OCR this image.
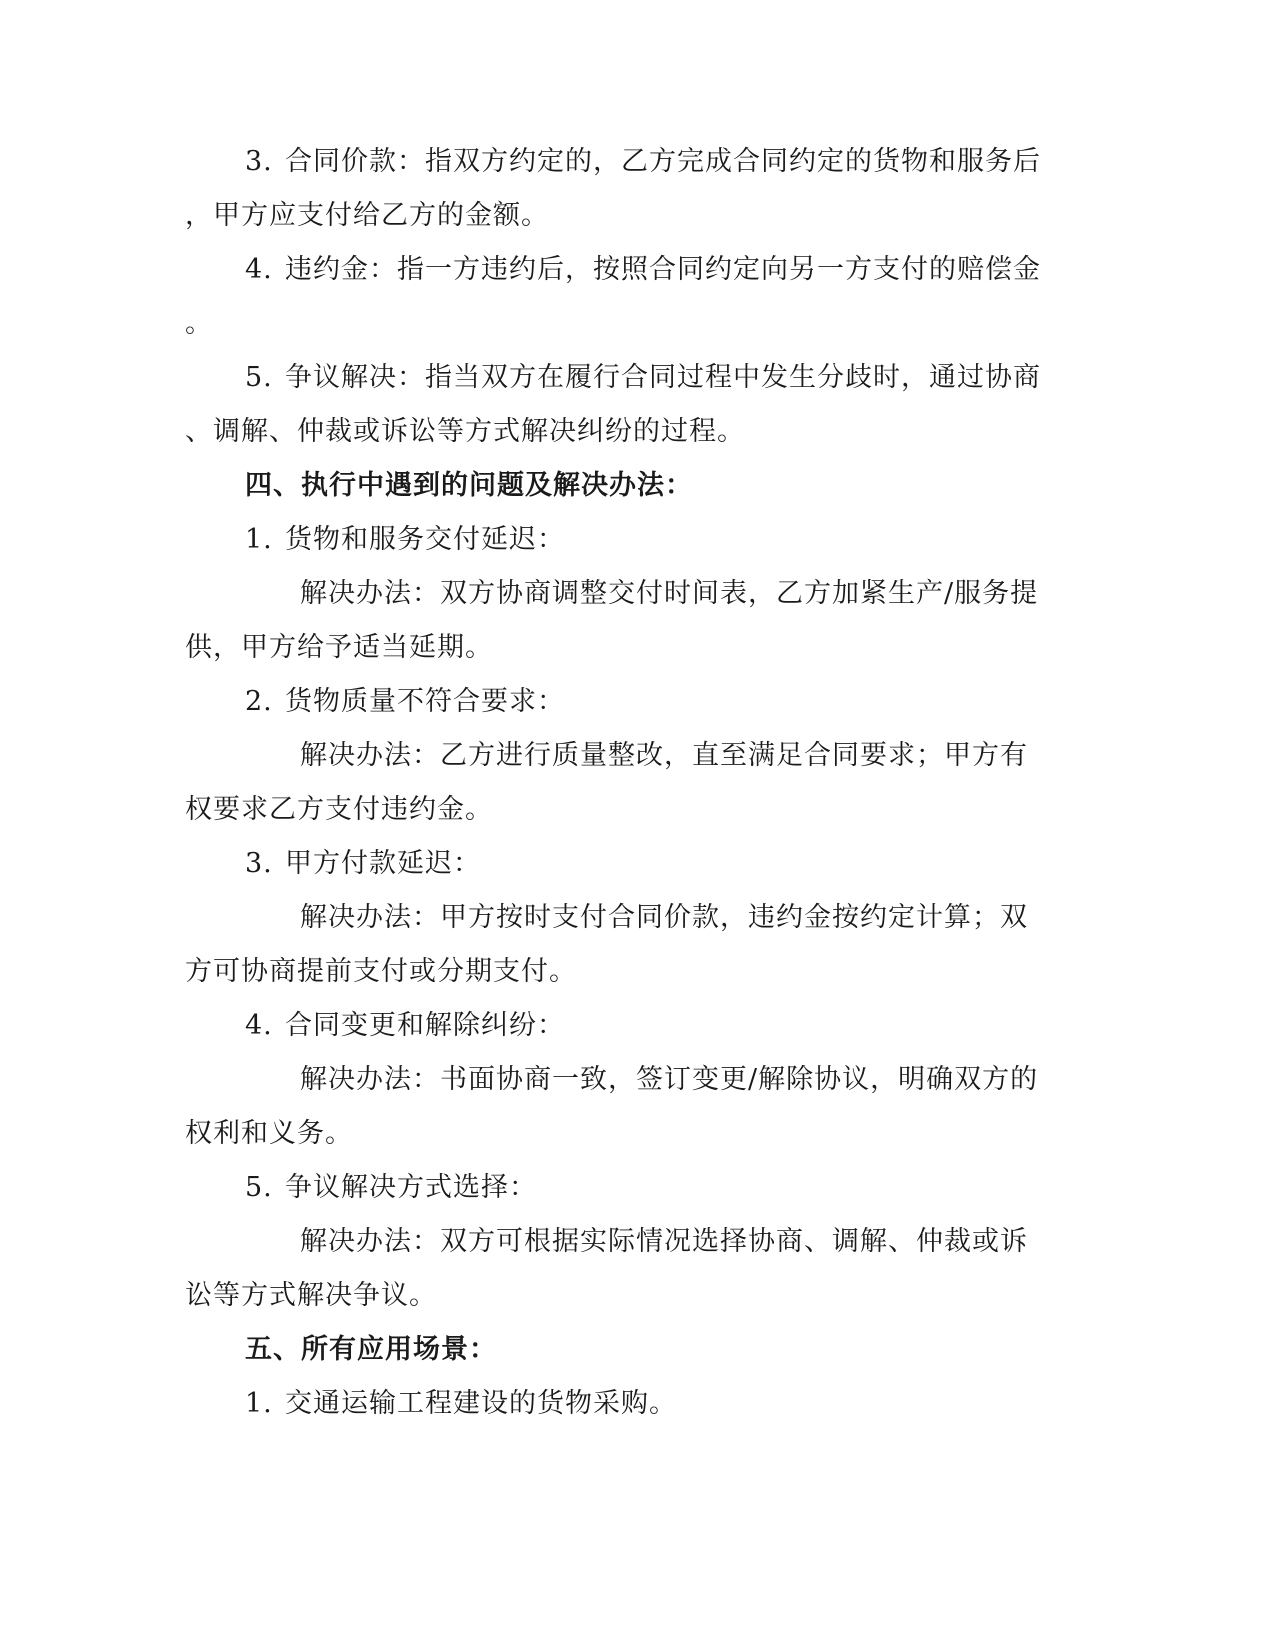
3. 合同价款：指双方约定的，乙方完成合同约定的货物和服务后

，甲方应支付给乙方的金额。

4. 违约金：指一方违约后，按照合同约定向另一方支付的赔偿金

。

5. 争议解决：指当双方在履行合同过程中发生分歧时，通过协商

、调解、仲裁或诉讼等方式解决纠纷的过程。

四、执行中遇到的问题及解决办法：

1. 货物和服务交付延迟：

解决办法：双方协商调整交付时间表，乙方加紧生产/服务提

供，甲方给予适当延期。

2. 货物质量不符合要求：

解决办法：乙方进行质量整改，直至满足合同要求；甲方有

权要求乙方支付违约金。

3. 甲方付款延迟：

解决办法：甲方按时支付合同价款，违约金按约定计算；双

方可协商提前支付或分期支付。

4. 合同变更和解除纠纷：

解决办法：书面协商一致，签订变更/解除协议，明确双方的

权利和义务。

5. 争议解决方式选择：

解决办法：双方可根据实际情况选择协商、调解、仲裁或诉

讼等方式解决争议。

五、所有应用场景：

1. 交通运输工程建设的货物采购。
